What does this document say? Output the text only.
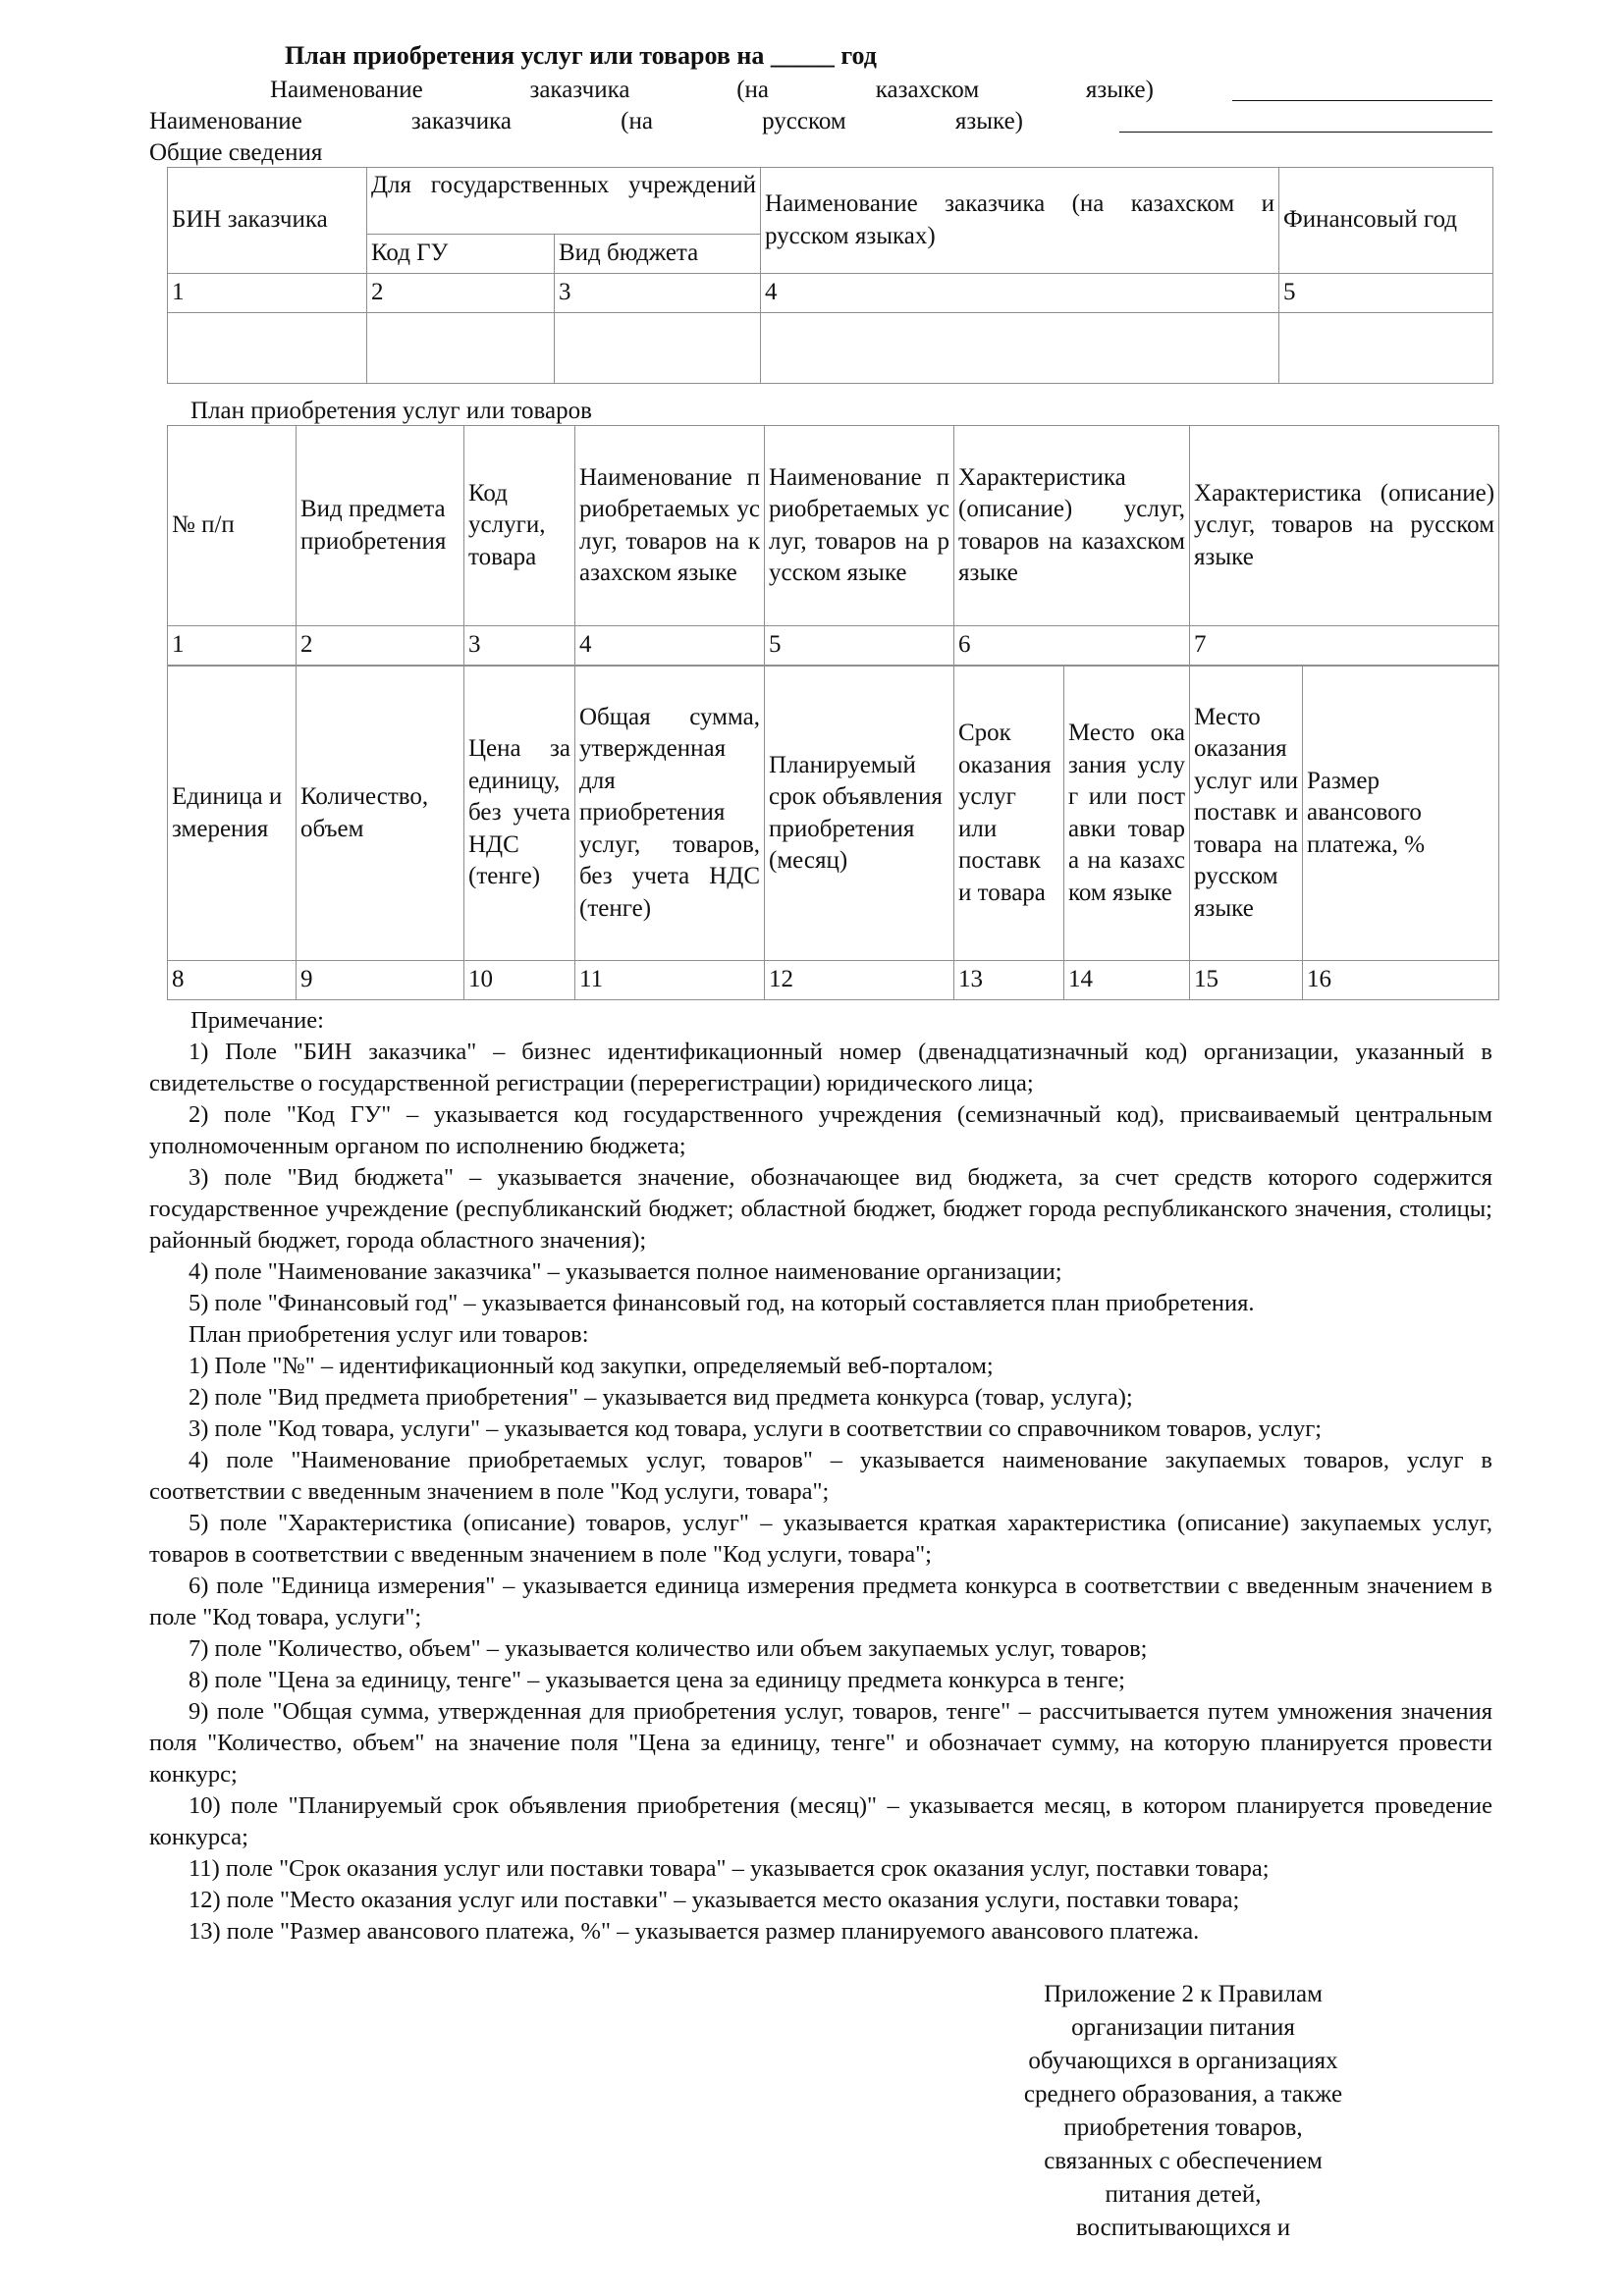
План приобретения услуг или товаров на _____ год
Наименование	заказчика	(на	казахском	языке)
Наименование	заказчика	(на	русском	языке)
Общие сведения
БИН заказчика	Для государственных учреждений		Наименование заказчика (на казахском и русском языках)	Финансовый год
	Код ГУ	Вид бюджета		
1	2	3	4	5

План приобретения услуг или товаров
№ п/п	Вид предмета приобретения	Код услуги, товара	Наименование приобретаемых услуг, товаров на казахском языке	Наименование приобретаемых услуг, товаров на русском языке	Характеристика (описание) услуг, товаров на казахском языке	Характеристика (описание) услуг, товаров на русском языке
1	2	3	4	5	6	7
Единица измерения	Количество, объем	Цена за единицу, без учета НДС (тенге)	Общая сумма, утвержденная для приобретения услуг, товаров, без учета НДС (тенге)	Планируемый срок объявления приобретения (месяц)	Срок оказания услуг или поставк и товара	Место оказания услуг или поставки товара на казахском языке	Место оказания услуг или поставк и товара на русском языке	Размер авансового платежа, %
8	9	10	11	12	13	14	15	16

Примечание:

1) Поле "БИН заказчика" – бизнес идентификационный номер (двенадцатизначный код) организации, указанный в свидетельстве о государственной регистрации (перерегистрации) юридического лица;

2) поле "Код ГУ" – указывается код государственного учреждения (семизначный код), присваиваемый центральным уполномоченным органом по исполнению бюджета;

3) поле "Вид бюджета" – указывается значение, обозначающее вид бюджета, за счет средств которого содержится государственное учреждение (республиканский бюджет; областной бюджет, бюджет города республиканского значения, столицы; районный бюджет, города областного значения);

4) поле "Наименование заказчика" – указывается полное наименование организации;

5) поле "Финансовый год" – указывается финансовый год, на который составляется план приобретения.

План приобретения услуг или товаров:

1) Поле "№" – идентификационный код закупки, определяемый веб-порталом;

2) поле "Вид предмета приобретения" – указывается вид предмета конкурса (товар, услуга);

3) поле "Код товара, услуги" – указывается код товара, услуги в соответствии со справочником товаров, услуг;

4) поле "Наименование приобретаемых услуг, товаров" – указывается наименование закупаемых товаров, услуг в соответствии с введенным значением в поле "Код услуги, товара";

5) поле "Характеристика (описание) товаров, услуг" – указывается краткая характеристика (описание) закупаемых услуг, товаров в соответствии с введенным значением в поле "Код услуги, товара";

6) поле "Единица измерения" – указывается единица измерения предмета конкурса в соответствии с введенным значением в поле "Код товара, услуги";

7) поле "Количество, объем" – указывается количество или объем закупаемых услуг, товаров;

8) поле "Цена за единицу, тенге" – указывается цена за единицу предмета конкурса в тенге;

9) поле "Общая сумма, утвержденная для приобретения услуг, товаров, тенге" – рассчитывается путем умножения значения поля "Количество, объем" на значение поля "Цена за единицу, тенге" и обозначает сумму, на которую планируется провести конкурс;

10) поле "Планируемый срок объявления приобретения (месяц)" – указывается месяц, в котором планируется проведение конкурса;

11) поле "Срок оказания услуг или поставки товара" – указывается срок оказания услуг, поставки товара;

12) поле "Место оказания услуг или поставки" – указывается место оказания услуги, поставки товара;

13) поле "Размер авансового платежа, %" – указывается размер планируемого авансового платежа.

Приложение 2 к Правилам
организации питания
обучающихся в организациях
среднего образования, а также
приобретения товаров,
связанных с обеспечением
питания детей,
воспитывающихся и
